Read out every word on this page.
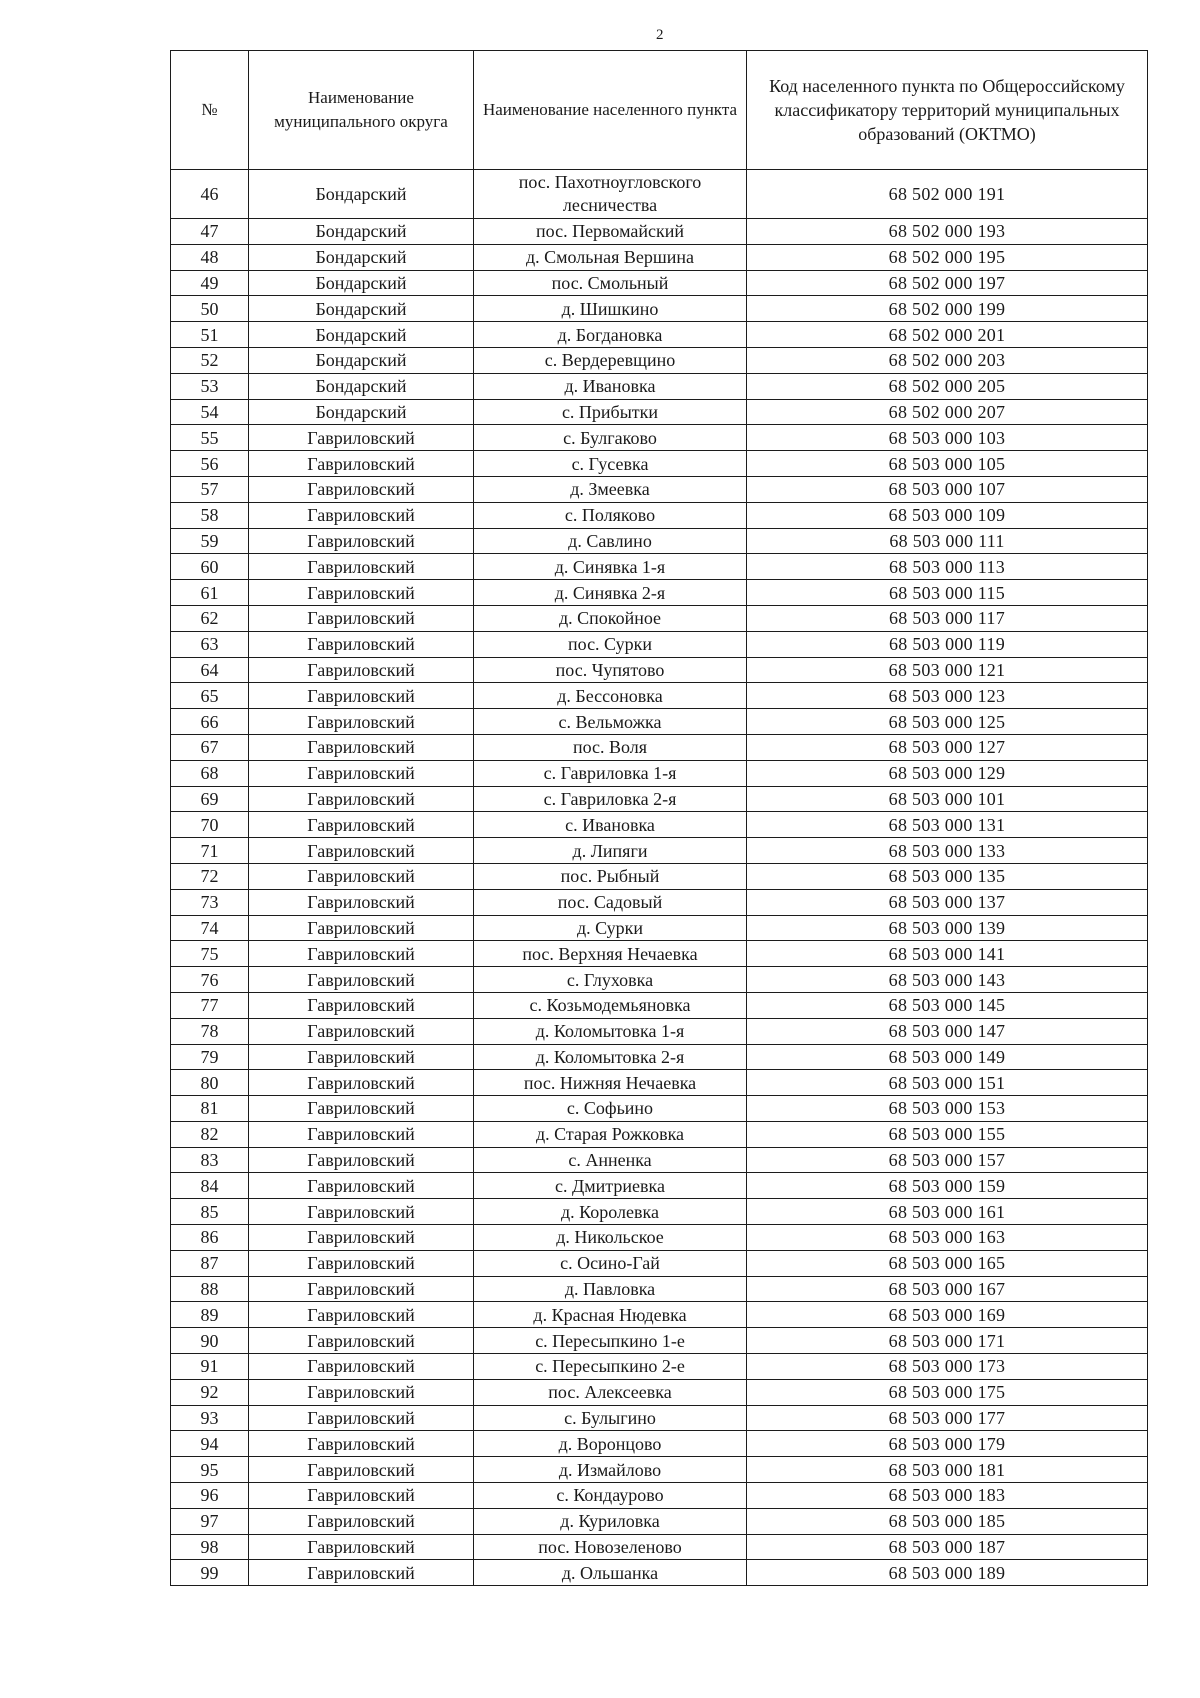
2
№	Наименование муниципального округа	Наименование населенного пункта	Код населенного пункта по Общероссийскому классификатору территорий муниципальных образований (ОКТМО)
46	Бондарский	пос. Пахотноугловского лесничества	68 502 000 191
47	Бондарский	пос. Первомайский	68 502 000 193
48	Бондарский	д. Смольная Вершина	68 502 000 195
49	Бондарский	пос. Смольный	68 502 000 197
50	Бондарский	д. Шишкино	68 502 000 199
51	Бондарский	д. Богдановка	68 502 000 201
52	Бондарский	с. Вердеревщино	68 502 000 203
53	Бондарский	д. Ивановка	68 502 000 205
54	Бондарский	с. Прибытки	68 502 000 207
55	Гавриловский	с. Булгаково	68 503 000 103
56	Гавриловский	с. Гусевка	68 503 000 105
57	Гавриловский	д. Змеевка	68 503 000 107
58	Гавриловский	с. Поляково	68 503 000 109
59	Гавриловский	д. Савлино	68 503 000 111
60	Гавриловский	д. Синявка 1-я	68 503 000 113
61	Гавриловский	д. Синявка 2-я	68 503 000 115
62	Гавриловский	д. Спокойное	68 503 000 117
63	Гавриловский	пос. Сурки	68 503 000 119
64	Гавриловский	пос. Чупятово	68 503 000 121
65	Гавриловский	д. Бессоновка	68 503 000 123
66	Гавриловский	с. Вельможка	68 503 000 125
67	Гавриловский	пос. Воля	68 503 000 127
68	Гавриловский	с. Гавриловка 1-я	68 503 000 129
69	Гавриловский	с. Гавриловка 2-я	68 503 000 101
70	Гавриловский	с. Ивановка	68 503 000 131
71	Гавриловский	д. Липяги	68 503 000 133
72	Гавриловский	пос. Рыбный	68 503 000 135
73	Гавриловский	пос. Садовый	68 503 000 137
74	Гавриловский	д. Сурки	68 503 000 139
75	Гавриловский	пос. Верхняя Нечаевка	68 503 000 141
76	Гавриловский	с. Глуховка	68 503 000 143
77	Гавриловский	с. Козьмодемьяновка	68 503 000 145
78	Гавриловский	д. Коломытовка 1-я	68 503 000 147
79	Гавриловский	д. Коломытовка 2-я	68 503 000 149
80	Гавриловский	пос. Нижняя Нечаевка	68 503 000 151
81	Гавриловский	с. Софьино	68 503 000 153
82	Гавриловский	д. Старая Рожковка	68 503 000 155
83	Гавриловский	с. Анненка	68 503 000 157
84	Гавриловский	с. Дмитриевка	68 503 000 159
85	Гавриловский	д. Королевка	68 503 000 161
86	Гавриловский	д. Никольское	68 503 000 163
87	Гавриловский	с. Осино-Гай	68 503 000 165
88	Гавриловский	д. Павловка	68 503 000 167
89	Гавриловский	д. Красная Нюдевка	68 503 000 169
90	Гавриловский	с. Пересыпкино 1-е	68 503 000 171
91	Гавриловский	с. Пересыпкино 2-е	68 503 000 173
92	Гавриловский	пос. Алексеевка	68 503 000 175
93	Гавриловский	с. Булыгино	68 503 000 177
94	Гавриловский	д. Воронцово	68 503 000 179
95	Гавриловский	д. Измайлово	68 503 000 181
96	Гавриловский	с. Кондаурово	68 503 000 183
97	Гавриловский	д. Куриловка	68 503 000 185
98	Гавриловский	пос. Новозеленово	68 503 000 187
99	Гавриловский	д. Ольшанка	68 503 000 189
